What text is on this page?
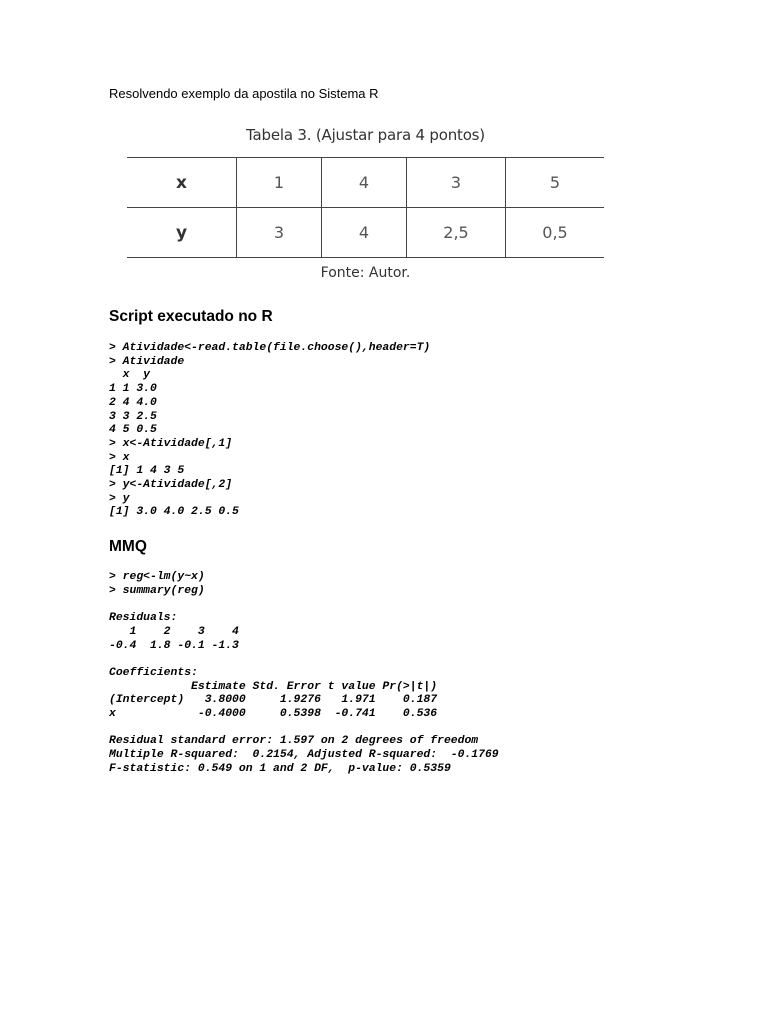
Resolvendo exemplo da apostila no Sistema R

Tabela 3. (Ajustar para 4 pontos)

x	1	4	3	5
y	3	4	2,5	0,5

Fonte: Autor.

Script executado no R
> Atividade<-read.table(file.choose(),header=T)
> Atividade
x  y
1 1 3.0
2 4 4.0
3 3 2.5
4 5 0.5
> x<-Atividade[,1]
> x
[1] 1 4 3 5
> y<-Atividade[,2]
> y
[1] 3.0 4.0 2.5 0.5
MMQ
> reg<-lm(y~x)
> summary(reg)

Residuals:
1    2    3    4
-0.4  1.8 -0.1 -1.3

Coefficients:
Estimate Std. Error t value Pr(>|t|)
(Intercept)   3.8000     1.9276   1.971    0.187
x            -0.4000     0.5398  -0.741    0.536

Residual standard error: 1.597 on 2 degrees of freedom
Multiple R-squared:  0.2154, Adjusted R-squared:  -0.1769
F-statistic: 0.549 on 1 and 2 DF,  p-value: 0.5359
